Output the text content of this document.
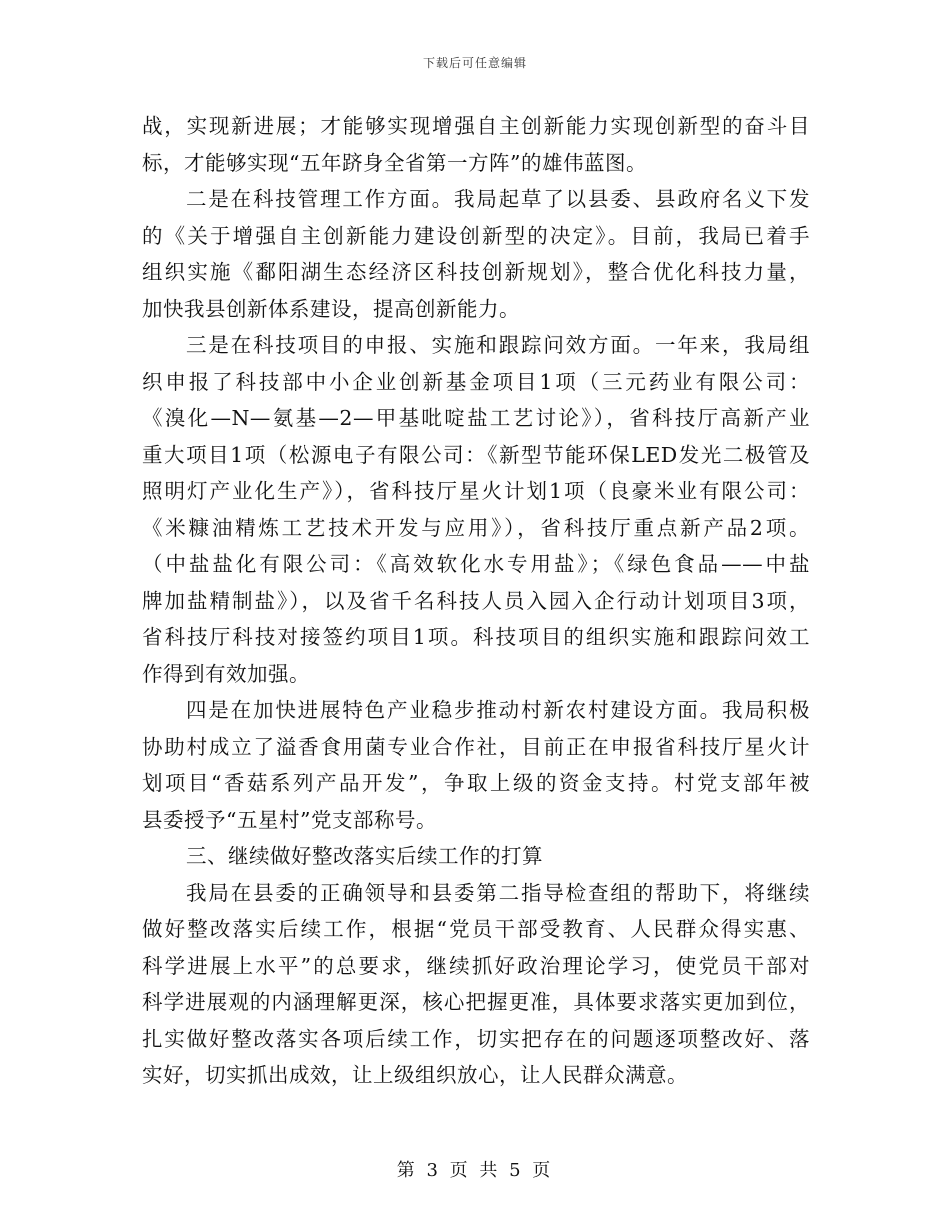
下载后可任意编辑
战，实现新进展；才能够实现增强自主创新能力实现创新型的奋斗目
标，才能够实现“五年跻身全省第一方阵”的雄伟蓝图。
二是在科技管理工作方面。我局起草了以县委、县政府名义下发
的《关于增强自主创新能力建设创新型的决定》。目前，我局已着手
组织实施《鄱阳湖生态经济区科技创新规划》，整合优化科技力量，
加快我县创新体系建设，提高创新能力。
三是在科技项目的申报、实施和跟踪问效方面。一年来，我局组
织申报了科技部中小企业创新基金项目1项（三元药业有限公司：
《溴化—N—氨基—2—甲基吡啶盐工艺讨论》），省科技厅高新产业
重大项目1项（松源电子有限公司：《新型节能环保LED发光二极管及
照明灯产业化生产》），省科技厅星火计划1项（良豪米业有限公司：
《米糠油精炼工艺技术开发与应用》），省科技厅重点新产品2项。
（中盐盐化有限公司：《高效软化水专用盐》；《绿色食品——中盐
牌加盐精制盐》），以及省千名科技人员入园入企行动计划项目3项，
省科技厅科技对接签约项目1项。科技项目的组织实施和跟踪问效工
作得到有效加强。
四是在加快进展特色产业稳步推动村新农村建设方面。我局积极
协助村成立了溢香食用菌专业合作社，目前正在申报省科技厅星火计
划项目“香菇系列产品开发”，争取上级的资金支持。村党支部年被
县委授予“五星村”党支部称号。
三、继续做好整改落实后续工作的打算
我局在县委的正确领导和县委第二指导检查组的帮助下，将继续
做好整改落实后续工作，根据“党员干部受教育、人民群众得实惠、
科学进展上水平”的总要求，继续抓好政治理论学习，使党员干部对
科学进展观的内涵理解更深，核心把握更准，具体要求落实更加到位，
扎实做好整改落实各项后续工作，切实把存在的问题逐项整改好、落
实好，切实抓出成效，让上级组织放心，让人民群众满意。
第 3 页 共 5 页
